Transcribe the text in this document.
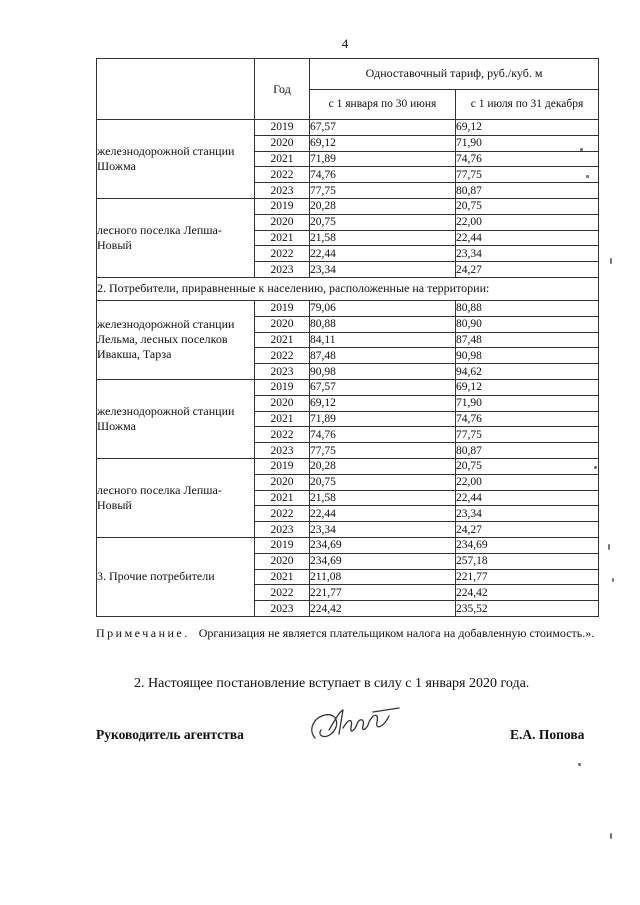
4
	Год	Одноставочный тариф, руб./куб. м	
		с 1 января по 30 июня	с 1 июля по 31 декабря
железнодорожной станции Шожма	2019	67,57	69,12
	2020	69,12	71,90
	2021	71,89	74,76
	2022	74,76	77,75
	2023	77,75	80,87
лесного поселка Лепша-Новый	2019	20,28	20,75
	2020	20,75	22,00
	2021	21,58	22,44
	2022	22,44	23,34
	2023	23,34	24,27
2. Потребители, приравненные к населению, расположенные на территории:			
железнодорожной станции Лельма, лесных поселков Ивакша, Тарза	2019	79,06	80,88
	2020	80,88	80,90
	2021	84,11	87,48
	2022	87,48	90,98
	2023	90,98	94,62
железнодорожной станции Шожма	2019	67,57	69,12
	2020	69,12	71,90
	2021	71,89	74,76
	2022	74,76	77,75
	2023	77,75	80,87
лесного поселка Лепша-Новый	2019	20,28	20,75
	2020	20,75	22,00
	2021	21,58	22,44
	2022	22,44	23,34
	2023	23,34	24,27
3. Прочие потребители	2019	234,69	234,69
	2020	234,69	257,18
	2021	211,08	221,77
	2022	221,77	224,42
	2023	224,42	235,52
Примечание. Организация не является плательщиком налога на добавленную стоимость.».
2. Настоящее постановление вступает в силу с 1 января 2020 года.
Руководитель агентства	Е.А. Попова
